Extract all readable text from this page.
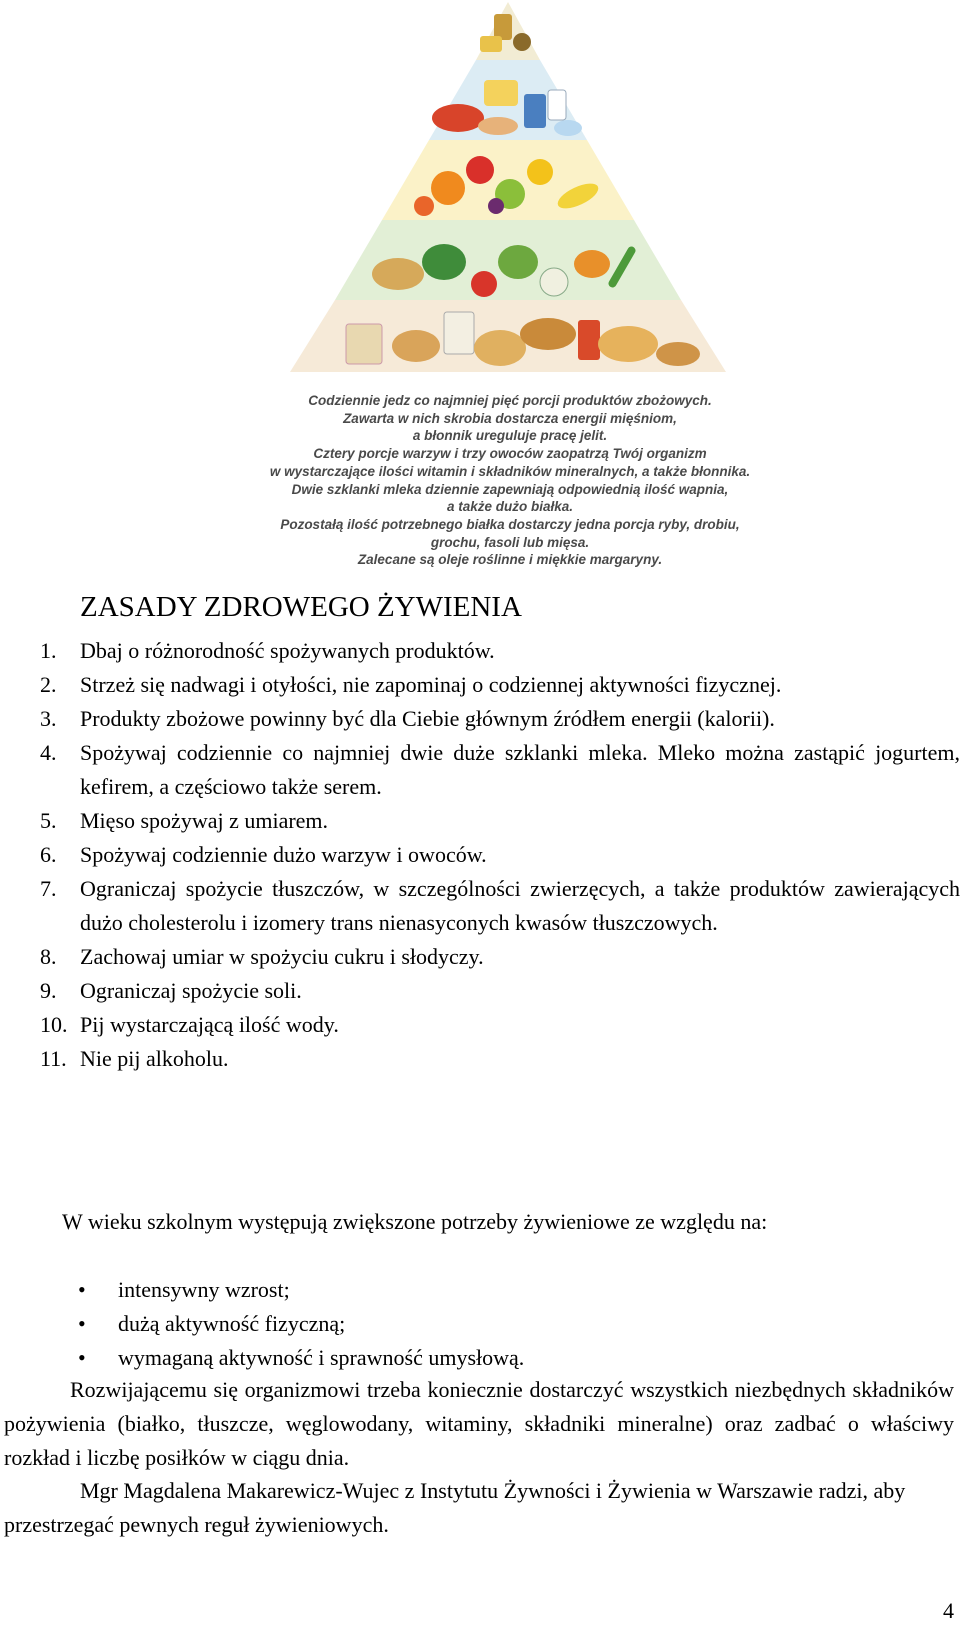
Codziennie jedz co najmniej pięć porcji produktów zbożowych.
Zawarta w nich skrobia dostarcza energii mięśniom,
a błonnik ureguluje pracę jelit.
Cztery porcje warzyw i trzy owoców zaopatrzą Twój organizm
w wystarczające ilości witamin i składników mineralnych, a także błonnika.
Dwie szklanki mleka dziennie zapewniają odpowiednią ilość wapnia,
a także dużo białka.
Pozostałą ilość potrzebnego białka dostarczy jedna porcja ryby, drobiu,
grochu, fasoli lub mięsa.
Zalecane są oleje roślinne i miękkie margaryny.
ZASADY ZDROWEGO ŻYWIENIA
1. Dbaj o różnorodność spożywanych produktów.
2. Strzeż się nadwagi i otyłości, nie zapominaj o codziennej aktywności fizycznej.
3. Produkty zbożowe powinny być dla Ciebie głównym źródłem energii (kalorii).
4. Spożywaj codziennie co najmniej dwie duże szklanki mleka. Mleko można zastąpić jogurtem, kefirem, a częściowo także serem.
5. Mięso spożywaj z umiarem.
6. Spożywaj codziennie dużo warzyw i owoców.
7. Ograniczaj spożycie tłuszczów, w szczególności zwierzęcych, a także produktów zawierających dużo cholesterolu i izomery trans nienasyconych kwasów tłuszczowych.
8. Zachowaj umiar w spożyciu cukru i słodyczy.
9. Ograniczaj spożycie soli.
10. Pij wystarczającą ilość wody.
11. Nie pij alkoholu.
W wieku szkolnym występują zwiększone potrzeby żywieniowe ze względu na:
• intensywny wzrost;
• dużą aktywność fizyczną;
• wymaganą aktywność i sprawność umysłową.
Rozwijającemu się organizmowi trzeba koniecznie dostarczyć wszystkich niezbędnych składników pożywienia (białko, tłuszcze, węglowodany, witaminy, składniki mineralne) oraz zadbać o właściwy rozkład i liczbę posiłków w ciągu dnia.
Mgr Magdalena Makarewicz-Wujec z Instytutu Żywności i Żywienia w Warszawie radzi, aby przestrzegać pewnych reguł żywieniowych.
4
